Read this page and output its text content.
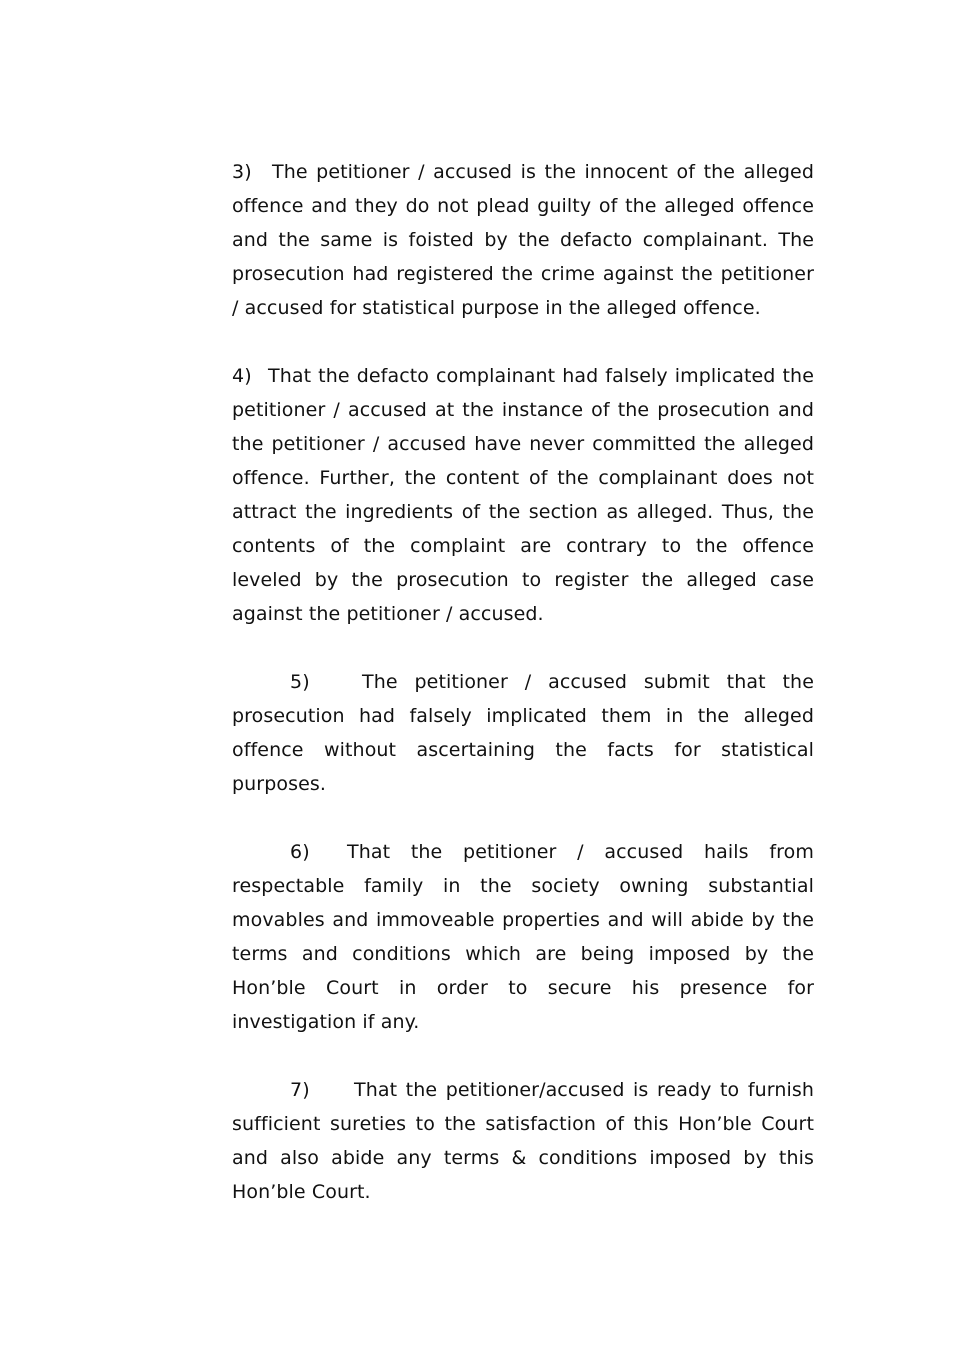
3) The petitioner / accused is the innocent of the alleged offence and they do not plead guilty of the alleged offence and the same is foisted by the defacto complainant. The prosecution had registered the crime against the petitioner / accused for statistical purpose in the alleged offence.

4) That the defacto complainant had falsely implicated the petitioner / accused at the instance of the prosecution and the petitioner / accused have never committed the alleged offence. Further, the content of the complainant does not attract the ingredients of the section as alleged. Thus, the contents of the complaint are contrary to the offence leveled by the prosecution to register the alleged case against the petitioner / accused.

5)	The petitioner / accused submit that the prosecution had falsely implicated them in the alleged offence without ascertaining the facts for statistical purposes.

6) That the petitioner / accused hails from respectable family in the society owning substantial movables and immoveable properties and will abide by the terms and conditions which are being imposed by the Hon’ble Court in order to secure his presence for investigation if any.

7) That the petitioner/accused is ready to furnish sufficient sureties to the satisfaction of this Hon’ble Court and also abide any terms & conditions imposed by this Hon’ble Court.
